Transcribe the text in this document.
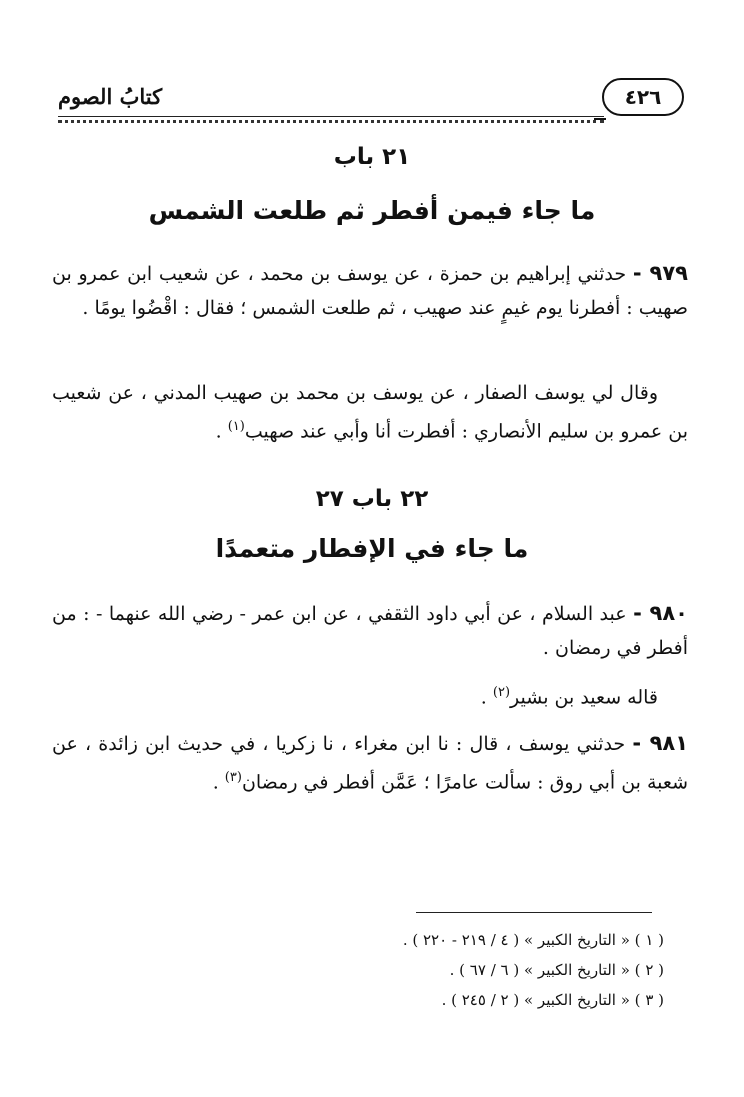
٤٢٦
كتابُ الصوم
٢١ باب
ما جاء فيمن أفطر ثم طلعت الشمس
٩٧٩ - حدثني إبراهيم بن حمزة ، عن يوسف بن محمد ، عن شعيب ابن عمرو بن صهيب : أفطرنا يوم غيمٍ عند صهيب ، ثم طلعت الشمس ؛ فقال : اقْضُوا يومًا .
وقال لي يوسف الصفار ، عن يوسف بن محمد بن صهيب المدني ، عن شعيب بن عمرو بن سليم الأنصاري : أفطرت أنا وأبي عند صهيب$^{(١)}$ .
٢٢ باب ٢٧
ما جاء في الإفطار متعمدًا
٩٨٠ - عبد السلام ، عن أبي داود الثقفي ، عن ابن عمر - رضي الله عنهما - : من أفطر في رمضان .
قاله سعيد بن بشير$^{(٢)}$ .
٩٨١ - حدثني يوسف ، قال : نا ابن مغراء ، نا زكريا ، في حديث ابن زائدة ، عن شعبة بن أبي روق : سألت عامرًا ؛ عَمَّن أفطر في رمضان$^{(٣)}$ .
( ١ ) « التاريخ الكبير » ( ٤ / ٢١٩ - ٢٢٠ ) .
( ٢ ) « التاريخ الكبير » ( ٦ / ٦٧ ) .
( ٣ ) « التاريخ الكبير » ( ٢ / ٢٤٥ ) .
